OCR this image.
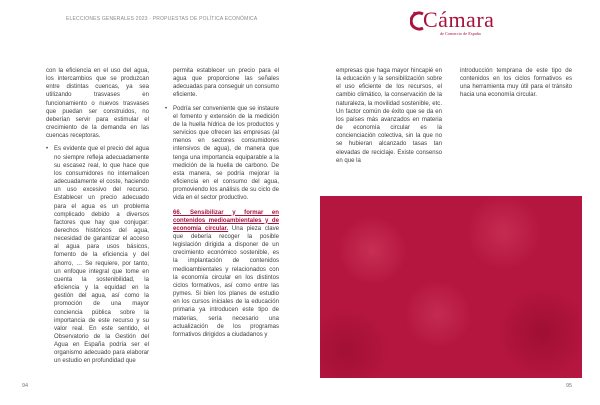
ELECCIONES GENERALES 2023 · PROPUESTAS DE POLÍTICA ECONÓMICA

con la eficiencia en el uso del agua, los intercambios que se produzcan entre distintas cuencas, ya sea utilizando trasvases en funcionamiento o nuevos trasvases que puedan ser construidos, no deberían servir para estimular el crecimiento de la demanda en las cuencas receptoras.

• Es evidente que el precio del agua no siempre refleja adecuadamente su escasez real, lo que hace que los consumidores no internalicen adecuadamente el coste, haciendo un uso excesivo del recurso. Establecer un precio adecuado para el agua es un problema complicado debido a diversos factores que hay que conjugar: derechos históricos del agua, necesidad de garantizar el acceso al agua para usos básicos, fomento de la eficiencia y del ahorro, … Se requiere, por tanto, un enfoque integral que tome en cuenta la sostenibilidad, la eficiencia y la equidad en la gestión del agua, así como la promoción de una mayor conciencia pública sobre la importancia de este recurso y su valor real. En este sentido, el Observatorio de la Gestión del Agua en España podría ser el organismo adecuado para elaborar un estudio en profundidad que

permita establecer un precio para el agua que proporcione las señales adecuadas para conseguir un consumo eficiente.

• Podría ser conveniente que se instaure el fomento y extensión de la medición de la huella hídrica de los productos y servicios que ofrecen las empresas (al menos en sectores consumidores intensivos de agua), de manera que tenga una importancia equiparable a la medición de la huella de carbono. De esta manera, se podría mejorar la eficiencia en el consumo del agua, promoviendo los análisis de su ciclo de vida en el sector productivo.

66. Sensibilizar y formar en contenidos medioambientales y de economía circular. Una pieza clave que debería recoger la posible legislación dirigida a disponer de un crecimiento económico sostenible, es la implantación de contenidos medioambientales y relacionados con la economía circular en los distintos ciclos formativos, así como entre las pymes. Si bien los planes de estudio en los cursos iniciales de la educación primaria ya introducen este tipo de materias, sería necesario una actualización de los programas formativos dirigidos a ciudadanos y

94
Cámara
de Comercio de España

empresas que haga mayor hincapié en la educación y la sensibilización sobre el uso eficiente de los recursos, el cambio climático, la conservación de la naturaleza, la movilidad sostenible, etc. Un factor común de éxito que se da en los países más avanzados en materia de economía circular es la concienciación colectiva, sin la que no se hubieran alcanzado tasas tan elevadas de reciclaje. Existe consenso en que la

introducción temprana de este tipo de contenidos en los ciclos formativos es una herramienta muy útil para el tránsito hacia una economía circular.

95
